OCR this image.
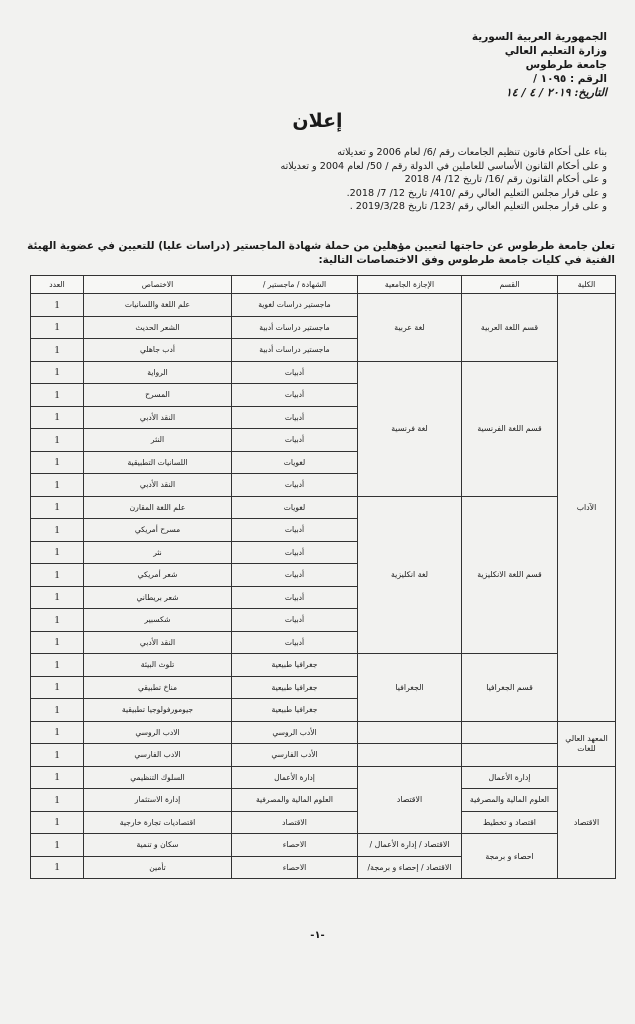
الجمهورية العربية السورية
وزارة التعليم العالي
جامعة طرطوس
الرقم : ١٠٩٥ /
التاريخ: ٢٠١٩ / ٤ / ١٤
إعلان
بناء على أحكام قانون تنظيم الجامعات رقم /6/ لعام 2006 و تعديلاته
و على أحكام القانون الأساسي للعاملين في الدولة رقم / 50/ لعام 2004 و تعديلاته
و على أحكام القانون رقم /16/ تاريخ 12/ 4/ 2018
و على قرار مجلس التعليم العالي رقم /410/ تاريخ 12/ 7/ 2018.
و على قرار مجلس التعليم العالي رقم /123/ تاريخ 2019/3/28 .
تعلن جامعة طرطوس عن حاجتها لتعيين مؤهلين من حملة شهادة الماجستير (دراسات عليا) للتعيين في عضوية الهيئة الفنية في كليات جامعة طرطوس وفق الاختصاصات التالية:
الكلية	القسم	الإجازة الجامعية	الشهادة / ماجستير /	الاختصاص	العدد
الآداب	قسم اللغة العربية	لغة عربية	ماجستير دراسات لغوية	علم اللغة واللسانيات	1
			ماجستير دراسات أدبية	الشعر الحديث	1
			ماجستير دراسات أدبية	أدب جاهلي	1
	قسم اللغة الفرنسية	لغة فرنسية	أدبيات	الرواية	1
			أدبيات	المسرح	1
			أدبيات	النقد الأدبي	1
			أدبيات	النثر	1
			لغويات	اللسانيات التطبيقية	1
			أدبيات	النقد الأدبي	1
	قسم اللغة الانكليزية	لغة انكليزية	لغويات	علم اللغة المقارن	1
			أدبيات	مسرح أمريكي	1
			أدبيات	نثر	1
			أدبيات	شعر أمريكي	1
			أدبيات	شعر بريطاني	1
			أدبيات	شكسبير	1
			أدبيات	النقد الأدبي	1
	قسم الجغرافيا	الجغرافيا	جغرافيا طبيعية	تلوث البيئة	1
			جغرافيا طبيعية	مناخ تطبيقي	1
			جغرافيا طبيعية	جيومورفولوجيا تطبيقية	1
المعهد العالي للغات			الأدب الروسي	الادب الروسي	1
			الأدب الفارسي	الادب الفارسي	1
الاقتصاد	إدارة الأعمال	الاقتصاد	إدارة الأعمال	السلوك التنظيمي	1
	العلوم المالية والمصرفية		العلوم المالية والمصرفية	إدارة الاستثمار	1
	اقتصاد و تخطيط		الاقتصاد	اقتصاديات تجارة خارجية	1
	احصاء و برمجة	الاقتصاد / إدارة الأعمال /	الاحصاء	سكان و تنمية	1
		الاقتصاد / إحصاء و برمجة/	الاحصاء	تأمين	1
-١-
